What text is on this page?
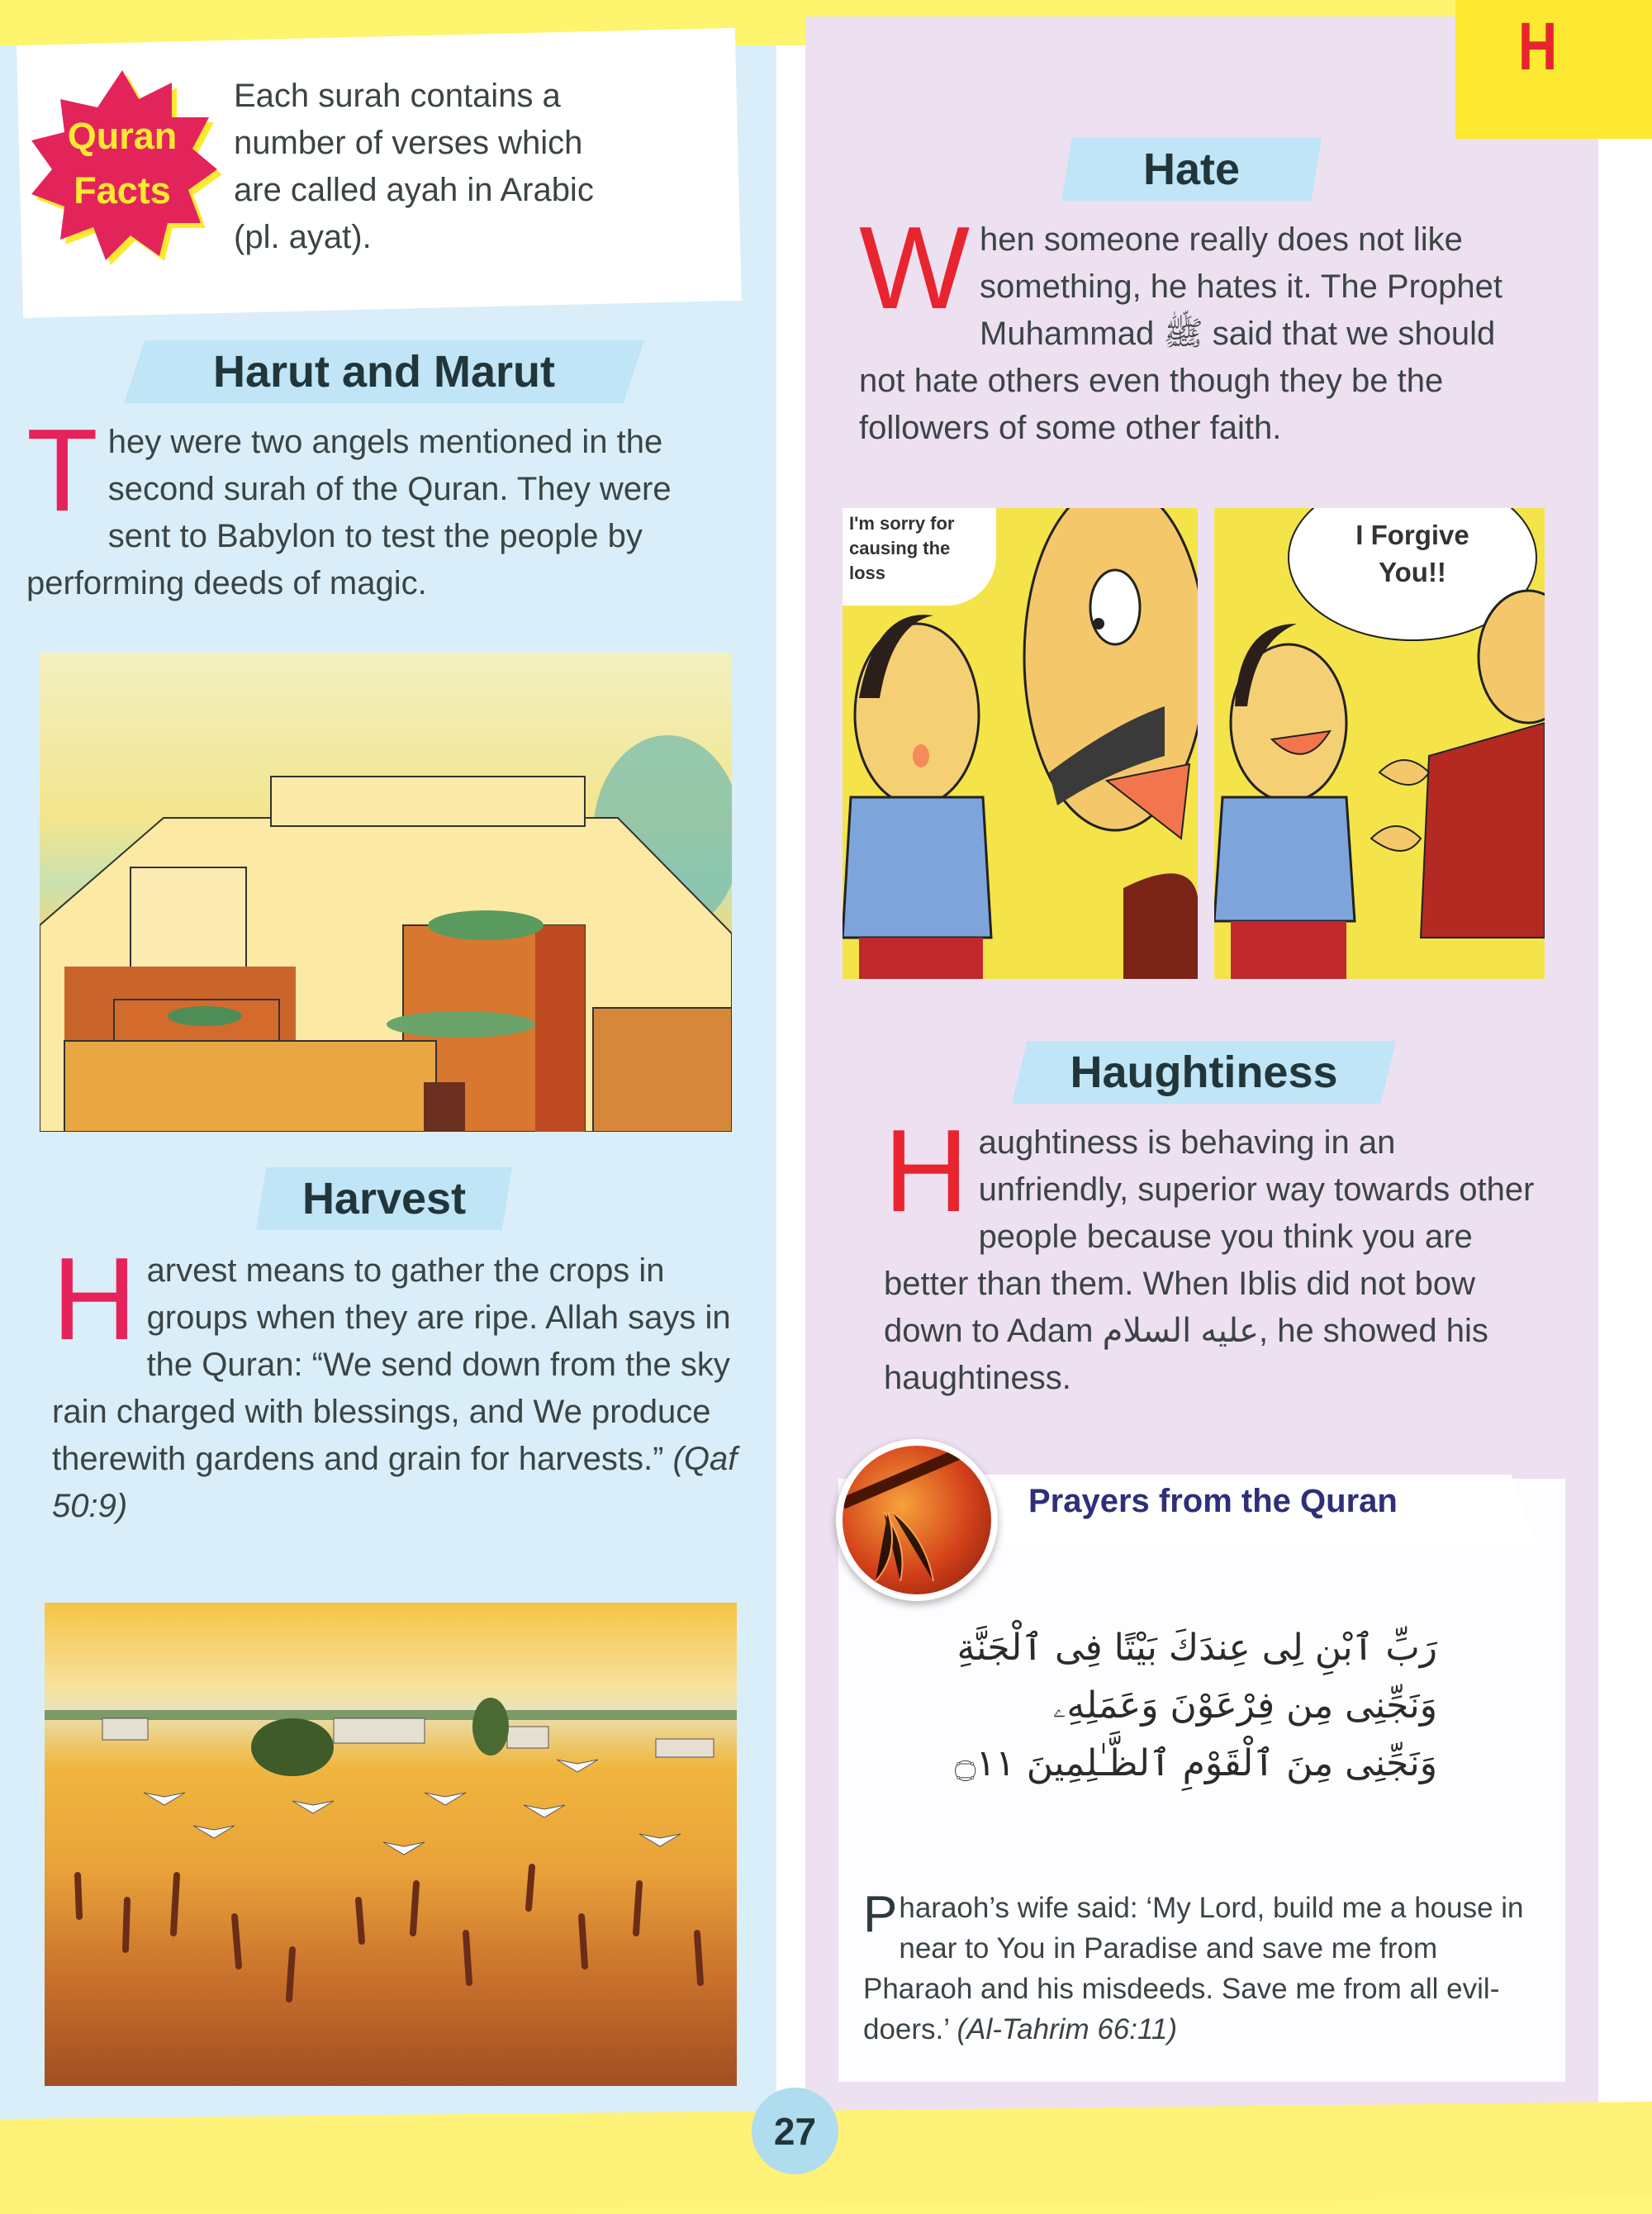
H
Quran
Facts
Each surah contains a
number of verses which
are called ayah in Arabic
(pl. ayat).
Harut and Marut
They were two angels mentioned in the second surah of the Quran. They were sent to Babylon to test the people by performing deeds of magic.
Harvest
Harvest means to gather the crops in groups when they are ripe. Allah says in the Quran: “We send down from the sky rain charged with blessings, and We produce therewith gardens and grain for harvests.” (Qaf 50:9)
Hate
When someone really does not like something, he hates it. The Prophet Muhammad ﷺ said that we should not hate others even though they be the followers of some other faith.
I'm sorry for causing the loss
I Forgive You!!
Haughtiness
Haughtiness is behaving in an unfriendly, superior way towards other people because you think you are better than them. When Iblis did not bow down to Adam عليه السلام, he showed his haughtiness.
Prayers from the Quran
رَبِّ ٱبْنِ لِى عِندَكَ بَيْتًا فِى ٱلْجَنَّةِ
وَنَجِّنِى مِن فِرْعَوْنَ وَعَمَلِهِۦ
وَنَجِّنِى مِنَ ٱلْقَوْمِ ٱلظَّـٰلِمِينَ ۝١١
Pharaoh’s wife said: ‘My Lord, build me a house in near to You in Paradise and save me from Pharaoh and his misdeeds. Save me from all evil-doers.’ (Al-Tahrim 66:11)
27
